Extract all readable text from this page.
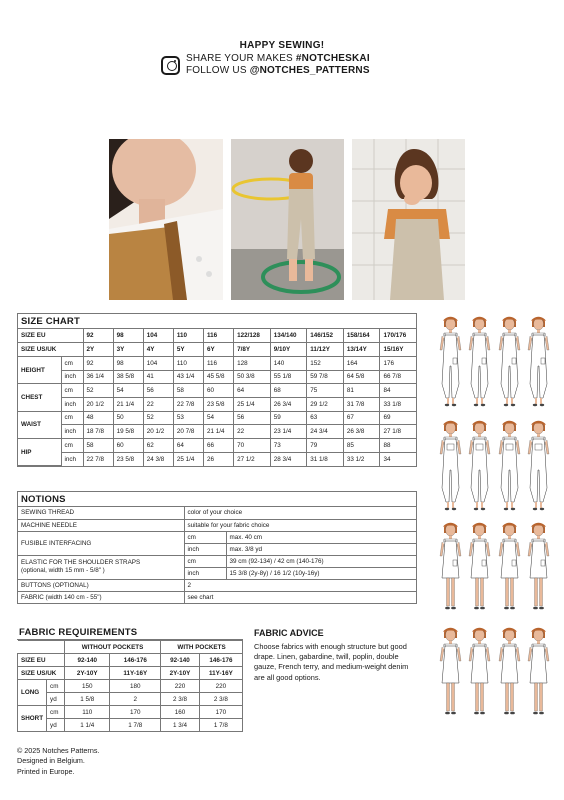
HAPPY SEWING!
SHARE YOUR MAKES #NOTCHESKAI
FOLLOW US @NOTCHES_PATTERNS
SIZE CHART
SIZE EU		92	98	104	110	116	122/128	134/140	146/152	158/164	170/176
SIZE US/UK		2Y	3Y	4Y	5Y	6Y	7/8Y	9/10Y	11/12Y	13/14Y	15/16Y
HEIGHT	cm	92	98	104	110	116	128	140	152	164	176
	inch	36 1/4	38 5/8	41	43 1/4	45 5/8	50 3/8	55 1/8	59 7/8	64 5/8	66 7/8
CHEST	cm	52	54	56	58	60	64	68	75	81	84
	inch	20 1/2	21 1/4	22	22 7/8	23 5/8	25 1/4	26 3/4	29 1/2	31 7/8	33 1/8
WAIST	cm	48	50	52	53	54	56	59	63	67	69
	inch	18 7/8	19 5/8	20 1/2	20 7/8	21 1/4	22	23 1/4	24 3/4	26 3/8	27 1/8
HIP	cm	58	60	62	64	66	70	73	79	85	88
	inch	22 7/8	23 5/8	24 3/8	25 1/4	26	27 1/2	28 3/4	31 1/8	33 1/2	34
NOTIONS
SEWING THREAD	color of your choice	
MACHINE NEEDLE	suitable for your fabric choice	
FUSIBLE INTERFACING	cm	max. 40 cm
	inch	max. 3/8 yd

ELASTIC FOR THE SHOULDER STRAPS
(optional, width 15 mm - 5/8" )	cm	39 cm (92-134) / 42 cm (140-176)
	inch	15 3/8 (2y-8y) / 16 1/2 (10y-16y)
BUTTONS (OPTIONAL)	2	
FABRIC (width 140 cm - 55")	see chart	
FABRIC REQUIREMENTS
		WITHOUT POCKETS		WITH POCKETS	
SIZE EU		92-140	146-176	92-140	146-176
SIZE US/UK		2Y-10Y	11Y-16Y	2Y-10Y	11Y-16Y
LONG	cm	150	180	220	220
	yd	1 5/8	2	2 3/8	2 3/8
SHORT	cm	110	170	160	170
	yd	1 1/4	1 7/8	1 3/4	1 7/8
FABRIC ADVICE

Choose fabrics with enough structure but good drape. Linen, gabardine, twill, poplin, double gauze, French terry, and medium-weight denim are all good options.

© 2025 Notches Patterns.
Designed in Belgium.
Printed in Europe.
